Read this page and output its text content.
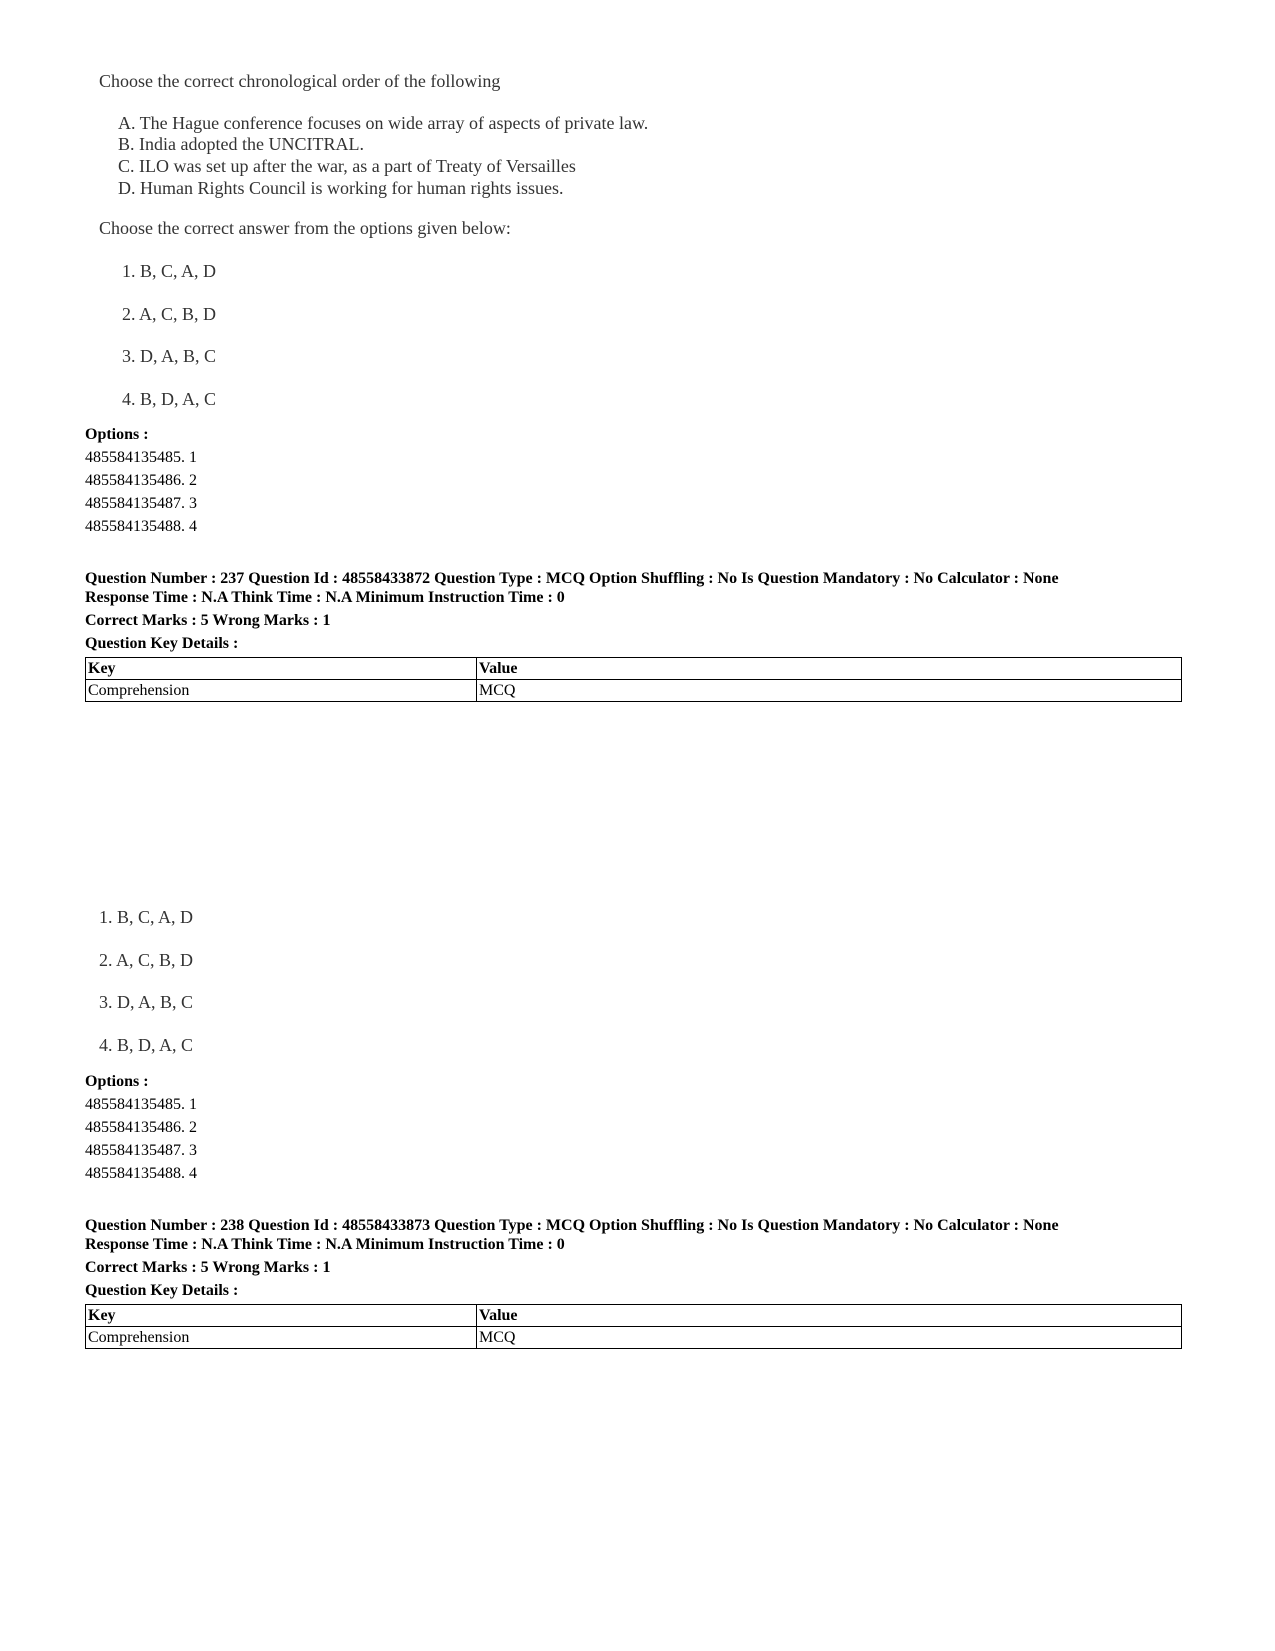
Choose the correct chronological order of the following
A. The Hague conference focuses on wide array of aspects of private law.
B. India adopted the UNCITRAL.
C. ILO was set up after the war, as a part of Treaty of Versailles
D. Human Rights Council is working for human rights issues.
Choose the correct answer from the options given below:
1. B, C, A, D
2. A, C, B, D
3. D, A, B, C
4. B, D, A, C
Options :
485584135485. 1
485584135486. 2
485584135487. 3
485584135488. 4
Question Number : 237 Question Id : 48558433872 Question Type : MCQ Option Shuffling : No Is Question Mandatory : No Calculator : None
Response Time : N.A Think Time : N.A Minimum Instruction Time : 0
Correct Marks : 5 Wrong Marks : 1
Question Key Details :
Key	Value
Comprehension	MCQ
1. B, C, A, D
2. A, C, B, D
3. D, A, B, C
4. B, D, A, C
Options :
485584135485. 1
485584135486. 2
485584135487. 3
485584135488. 4
Question Number : 238 Question Id : 48558433873 Question Type : MCQ Option Shuffling : No Is Question Mandatory : No Calculator : None
Response Time : N.A Think Time : N.A Minimum Instruction Time : 0
Correct Marks : 5 Wrong Marks : 1
Question Key Details :
Key	Value
Comprehension	MCQ
